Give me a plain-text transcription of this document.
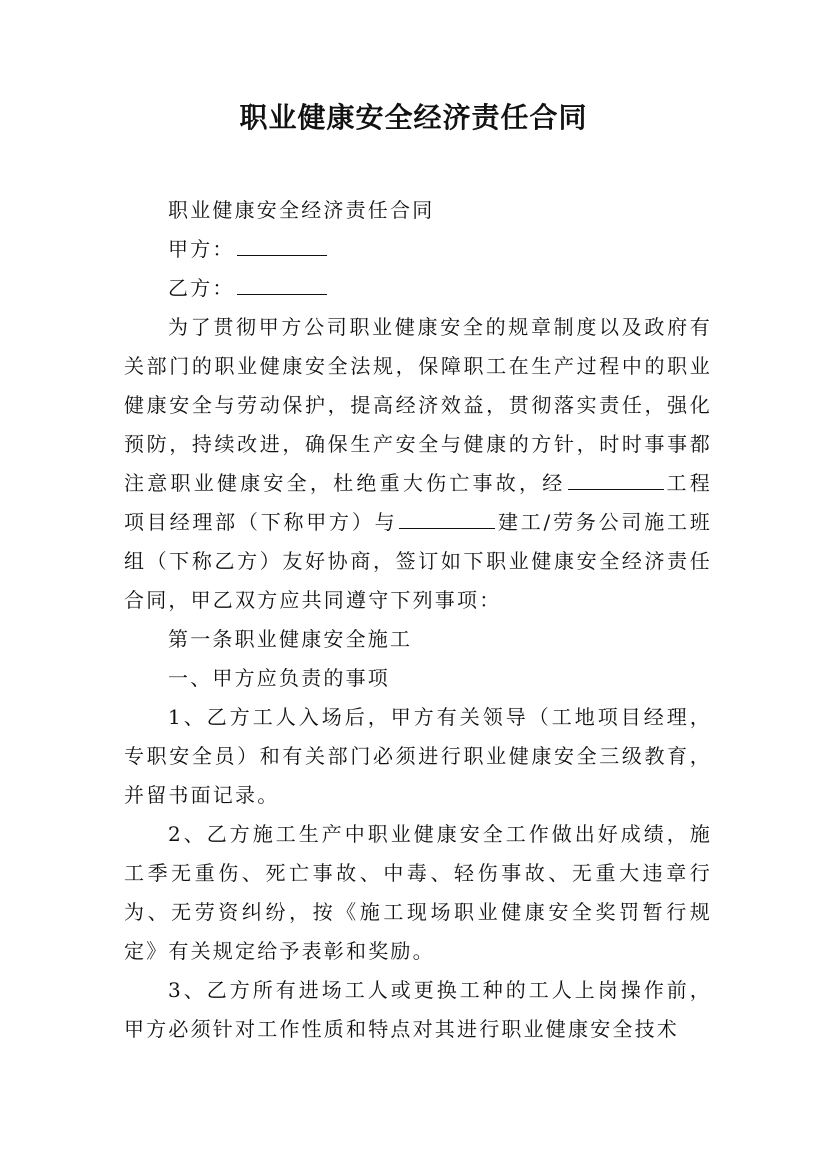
职业健康安全经济责任合同

职业健康安全经济责任合同

甲方：

乙方：

为了贯彻甲方公司职业健康安全的规章制度以及政府有关部门的职业健康安全法规，保障职工在生产过程中的职业健康安全与劳动保护，提高经济效益，贯彻落实责任，强化预防，持续改进，确保生产安全与健康的方针，时时事事都注意职业健康安全，杜绝重大伤亡事故，经	工程项目经理部（下称甲方）与	建工/劳务公司施工班组（下称乙方）友好协商，签订如下职业健康安全经济责任合同，甲乙双方应共同遵守下列事项：

第一条职业健康安全施工

一、甲方应负责的事项

1、乙方工人入场后，甲方有关领导（工地项目经理，专职安全员）和有关部门必须进行职业健康安全三级教育，并留书面记录。

2、乙方施工生产中职业健康安全工作做出好成绩，施工季无重伤、死亡事故、中毒、轻伤事故、无重大违章行为、无劳资纠纷，按《施工现场职业健康安全奖罚暂行规定》有关规定给予表彰和奖励。

3、乙方所有进场工人或更换工种的工人上岗操作前，甲方必须针对工作性质和特点对其进行职业健康安全技术
